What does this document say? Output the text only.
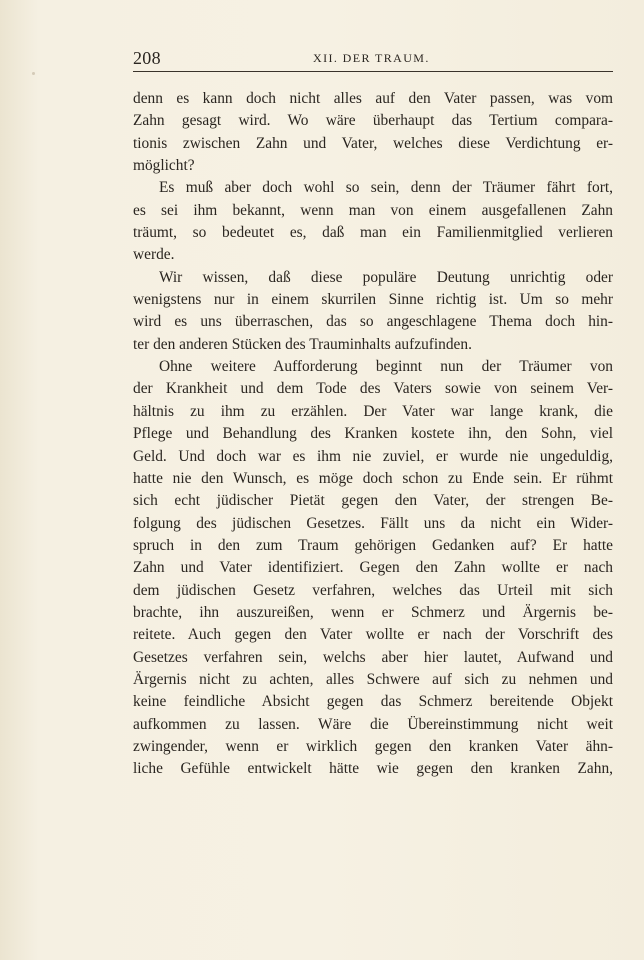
208	XII. DER TRAUM.
denn es kann doch nicht alles auf den Vater passen, was vom
Zahn gesagt wird. Wo wäre überhaupt das Tertium compara-
tionis zwischen Zahn und Vater, welches diese Verdichtung er-
möglicht?
Es muß aber doch wohl so sein, denn der Träumer fährt fort,
es sei ihm bekannt, wenn man von einem ausgefallenen Zahn
träumt, so bedeutet es, daß man ein Familienmitglied verlieren
werde.
Wir wissen, daß diese populäre Deutung unrichtig oder
wenigstens nur in einem skurrilen Sinne richtig ist. Um so mehr
wird es uns überraschen, das so angeschlagene Thema doch hin-
ter den anderen Stücken des Trauminhalts aufzufinden.
Ohne weitere Aufforderung beginnt nun der Träumer von
der Krankheit und dem Tode des Vaters sowie von seinem Ver-
hältnis zu ihm zu erzählen. Der Vater war lange krank, die
Pflege und Behandlung des Kranken kostete ihn, den Sohn, viel
Geld. Und doch war es ihm nie zuviel, er wurde nie ungeduldig,
hatte nie den Wunsch, es möge doch schon zu Ende sein. Er rühmt
sich echt jüdischer Pietät gegen den Vater, der strengen Be-
folgung des jüdischen Gesetzes. Fällt uns da nicht ein Wider-
spruch in den zum Traum gehörigen Gedanken auf? Er hatte
Zahn und Vater identifiziert. Gegen den Zahn wollte er nach
dem jüdischen Gesetz verfahren, welches das Urteil mit sich
brachte, ihn auszureißen, wenn er Schmerz und Ärgernis be-
reitete. Auch gegen den Vater wollte er nach der Vorschrift des
Gesetzes verfahren sein, welchs aber hier lautet, Aufwand und
Ärgernis nicht zu achten, alles Schwere auf sich zu nehmen und
keine feindliche Absicht gegen das Schmerz bereitende Objekt
aufkommen zu lassen. Wäre die Übereinstimmung nicht weit
zwingender, wenn er wirklich gegen den kranken Vater ähn-
liche Gefühle entwickelt hätte wie gegen den kranken Zahn,
